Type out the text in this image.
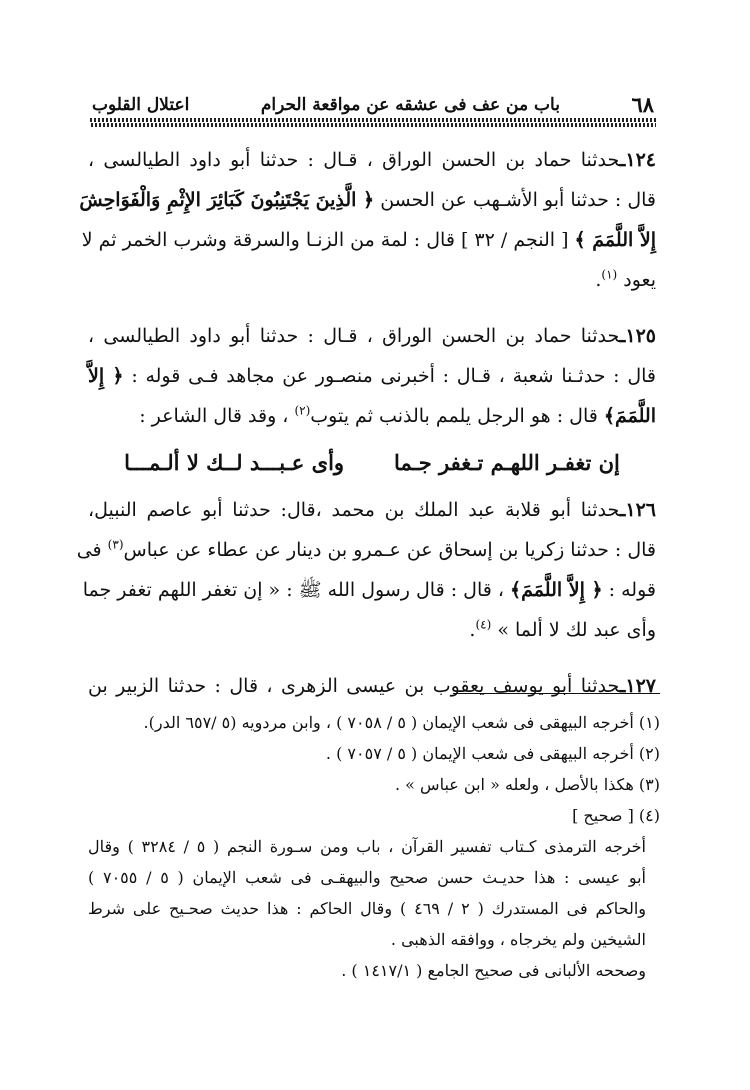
٦٨
باب من عف فى عشقه عن مواقعة الحرام
اعتلال القلوب
١٢٤ـحدثنا حماد بن الحسن الوراق ، قـال : حدثنا أبو داود الطيالسى ،
قال : حدثنا أبو الأشـهب عن الحسن ﴿ الَّذِينَ يَجْتَنِبُونَ كَبَائِرَ الإِثْمِ وَالْفَوَاحِشَ
إِلاَّ اللَّمَمَ ﴾ [ النجم / ٣٢ ] قال : لمة من الزنـا والسرقة وشرب الخمر ثم لا
يعود $^{(١)}$.
١٢٥ـحدثنا حماد بن الحسن الوراق ، قـال : حدثنا أبو داود الطيالسى ،
قال : حدثـنا شعبة ، قـال : أخبرنى منصـور عن مجاهد فـى قوله : ﴿ إِلاَّ
اللَّمَمَ﴾ قال : هو الرجل يلمم بالذنب ثم يتوب$^{(٢)}$ ، وقد قال الشاعر :
إن تغفـر اللهـم تـغفر جـما
وأى عـبـــد لــك لا ألـمـــا
١٢٦ـحدثنا أبو قلابة عبد الملك بن محمد ،قال: حدثنا أبو عاصم النبيل،
قال : حدثنا زكريا بن إسحاق عن عـمرو بن دينار عن عطاء عن عباس$^{(٣)}$ فى
قوله : ﴿ إِلاَّ اللَّمَمَ﴾ ، قال : قال رسول الله ﷺ : « إن تغفر اللهم تغفر جما
وأى عبد لك لا ألما » $^{(٤)}$.
١٢٧ـحدثنا أبو يوسف يعقوب بن عيسى الزهرى ، قال : حدثنا الزبير بن
(١) أخرجه البيهقى فى شعب الإيمان ( ٥ / ٧٠٥٨ ) ، وابن مردويه (٥ /٦٥٧ الدر).
(٢) أخرجه البيهقى فى شعب الإيمان ( ٥ / ٧٠٥٧ ) .
(٣) هكذا بالأصل ، ولعله « ابن عباس » .
(٤) [ صحيح ]
أخرجه الترمذى كـتاب تفسير القرآن ، باب ومن سـورة النجم ( ٥ / ٣٢٨٤ ) وقال
أبو عيسى : هذا حديـث حسن صحيح والبيهقـى فى شعب الإيمان ( ٥ / ٧٠٥٥ )
والحاكم فى المستدرك ( ٢ / ٤٦٩ ) وقال الحاكم : هذا حديث صحـيح على شرط
الشيخين ولم يخرجاه ، ووافقه الذهبى .
وصححه الألبانى فى صحيح الجامع ( ١٤١٧/١ ) .
